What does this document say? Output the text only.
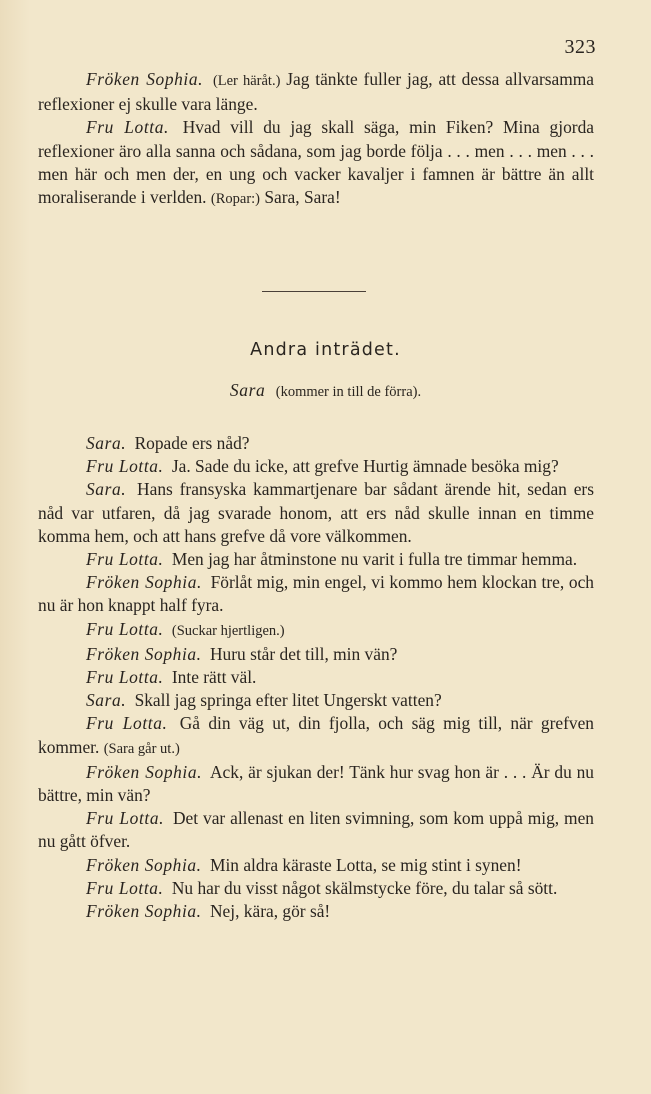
323

Fröken Sophia. (Ler häråt.) Jag tänkte fuller jag, att dessa allvarsamma reflexioner ej skulle vara länge.

Fru Lotta. Hvad vill du jag skall säga, min Fiken? Mina gjorda reflexioner äro alla sanna och sådana, som jag borde följa . . . men . . . men . . . men här och men der, en ung och vacker kavaljer i famnen är bättre än allt moraliserande i verlden. (Ropar:) Sara, Sara!

Andra inträdet.
Sara (kommer in till de förra).

Sara. Ropade ers nåd?

Fru Lotta. Ja. Sade du icke, att grefve Hurtig ämnade besöka mig?

Sara. Hans fransyska kammartjenare bar sådant ärende hit, sedan ers nåd var utfaren, då jag svarade honom, att ers nåd skulle innan en timme komma hem, och att hans grefve då vore välkommen.

Fru Lotta. Men jag har åtminstone nu varit i fulla tre timmar hemma.

Fröken Sophia. Förlåt mig, min engel, vi kommo hem klockan tre, och nu är hon knappt half fyra.

Fru Lotta. (Suckar hjertligen.)

Fröken Sophia. Huru står det till, min vän?

Fru Lotta. Inte rätt väl.

Sara. Skall jag springa efter litet Ungerskt vatten?

Fru Lotta. Gå din väg ut, din fjolla, och säg mig till, när grefven kommer. (Sara går ut.)

Fröken Sophia. Ack, är sjukan der! Tänk hur svag hon är . . . Är du nu bättre, min vän?

Fru Lotta. Det var allenast en liten svimning, som kom uppå mig, men nu gått öfver.

Fröken Sophia. Min aldra käraste Lotta, se mig stint i synen!

Fru Lotta. Nu har du visst något skälmstycke före, du talar så sött.

Fröken Sophia. Nej, kära, gör så!
